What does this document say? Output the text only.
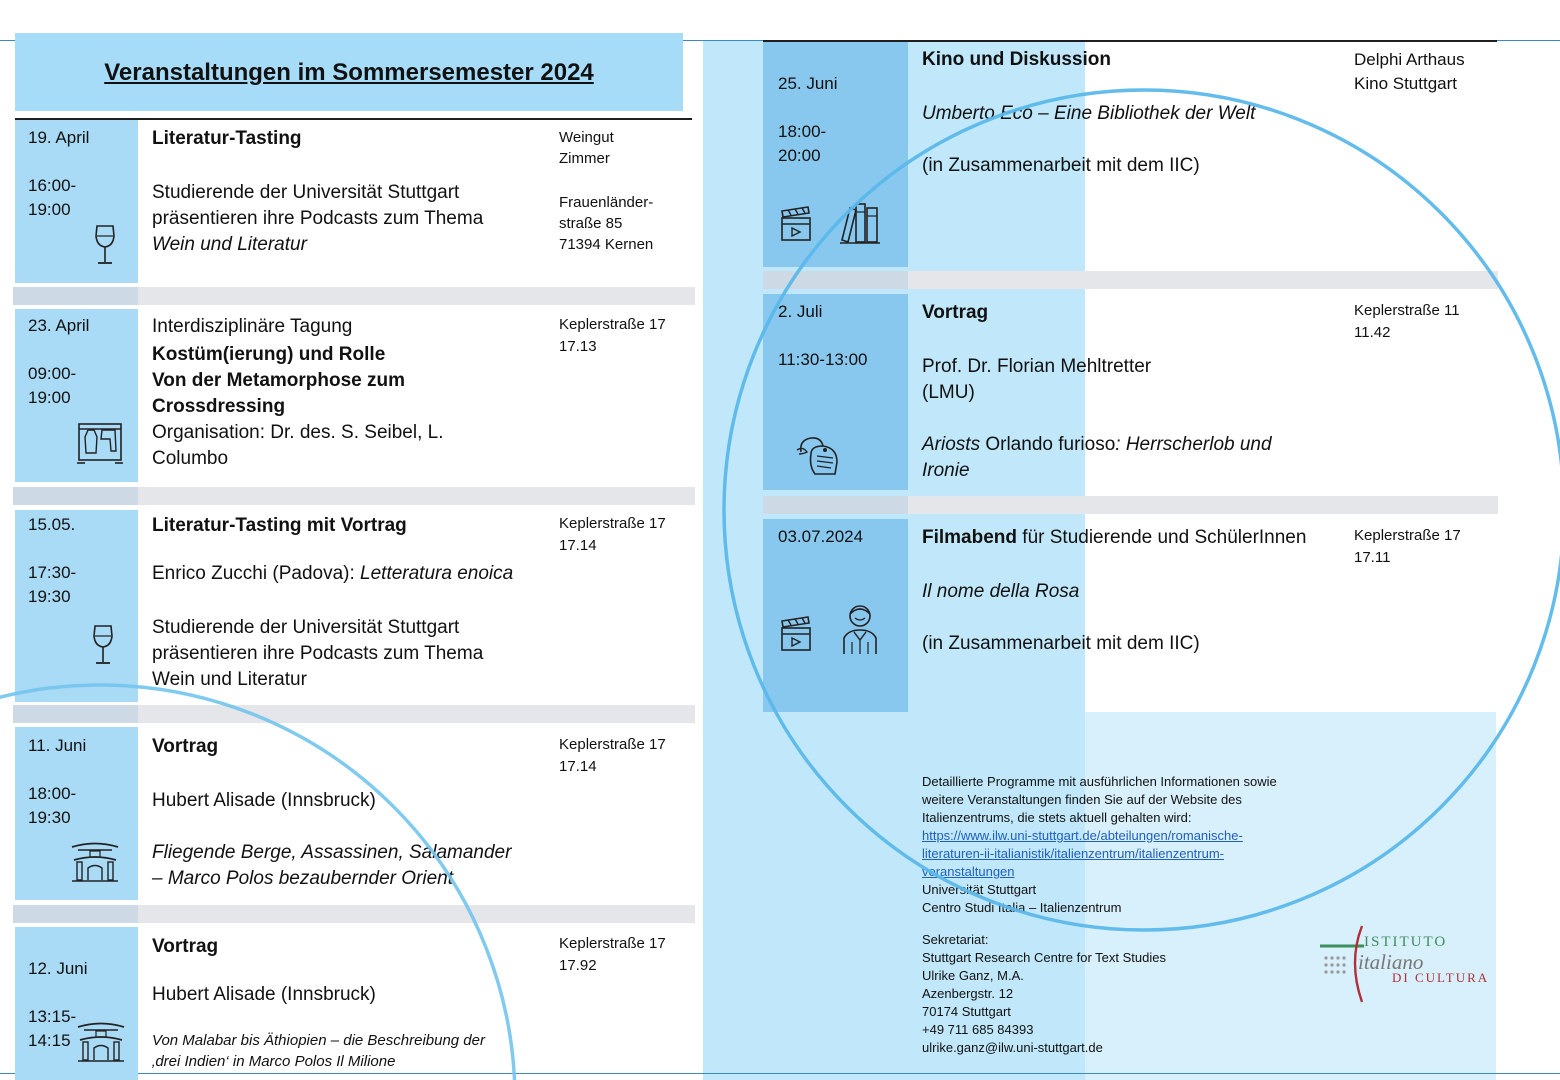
Veranstaltungen im Sommersemester 2024
19. April
16:00-
19:00
Literatur-Tasting
Studierende der Universität Stuttgart
präsentieren ihre Podcasts zum Thema
Wein und Literatur
Weingut
Zimmer
Frauenländer-
straße 85
71394 Kernen
23. April
09:00-
19:00
Interdisziplinäre Tagung
Kostüm(ierung) und Rolle
Von der Metamorphose zum
Crossdressing
Organisation: Dr. des. S. Seibel, L.
Columbo
Keplerstraße 17
17.13
15.05.
17:30-
19:30
Literatur-Tasting mit Vortrag
Enrico Zucchi (Padova): Letteratura enoica
Studierende der Universität Stuttgart
präsentieren ihre Podcasts zum Thema
Wein und Literatur
Keplerstraße 17
17.14
11. Juni
18:00-
19:30
Vortrag
Hubert Alisade (Innsbruck)
Fliegende Berge, Assassinen, Salamander
– Marco Polos bezaubernder Orient
Keplerstraße 17
17.14
12. Juni
13:15-
14:15
Vortrag
Hubert Alisade (Innsbruck)
Von Malabar bis Äthiopien – die Beschreibung der
‚drei Indien‘ in Marco Polos Il Milione
Keplerstraße 17
17.92
25. Juni
18:00-
20:00
Kino und Diskussion
Umberto Eco – Eine Bibliothek der Welt
(in Zusammenarbeit mit dem IIC)
Delphi Arthaus
Kino Stuttgart
2. Juli
11:30-13:00
Vortrag
Prof. Dr. Florian Mehltretter
(LMU)
Ariosts Orlando furioso: Herrscherlob und
Ironie
Keplerstraße 11
11.42
03.07.2024	Filmabend für Studierende und SchülerInnen
Il nome della Rosa
(in Zusammenarbeit mit dem IIC)
Keplerstraße 17
17.11
Detaillierte Programme mit ausführlichen Informationen sowie
weitere Veranstaltungen finden Sie auf der Website des
Italienzentrums, die stets aktuell gehalten wird:
https://www.ilw.uni-stuttgart.de/abteilungen/romanische-
literaturen-ii-italianistik/italienzentrum/italienzentrum-
veranstaltungen
Universität Stuttgart
Centro Studi Italia – Italienzentrum
Sekretariat:
Stuttgart Research Centre for Text Studies
Ulrike Ganz, M.A.
Azenbergstr. 12
70174 Stuttgart
+49 711 685 84393
ulrike.ganz@ilw.uni-stuttgart.de
ISTITUTO
italiano
DI CULTURA
